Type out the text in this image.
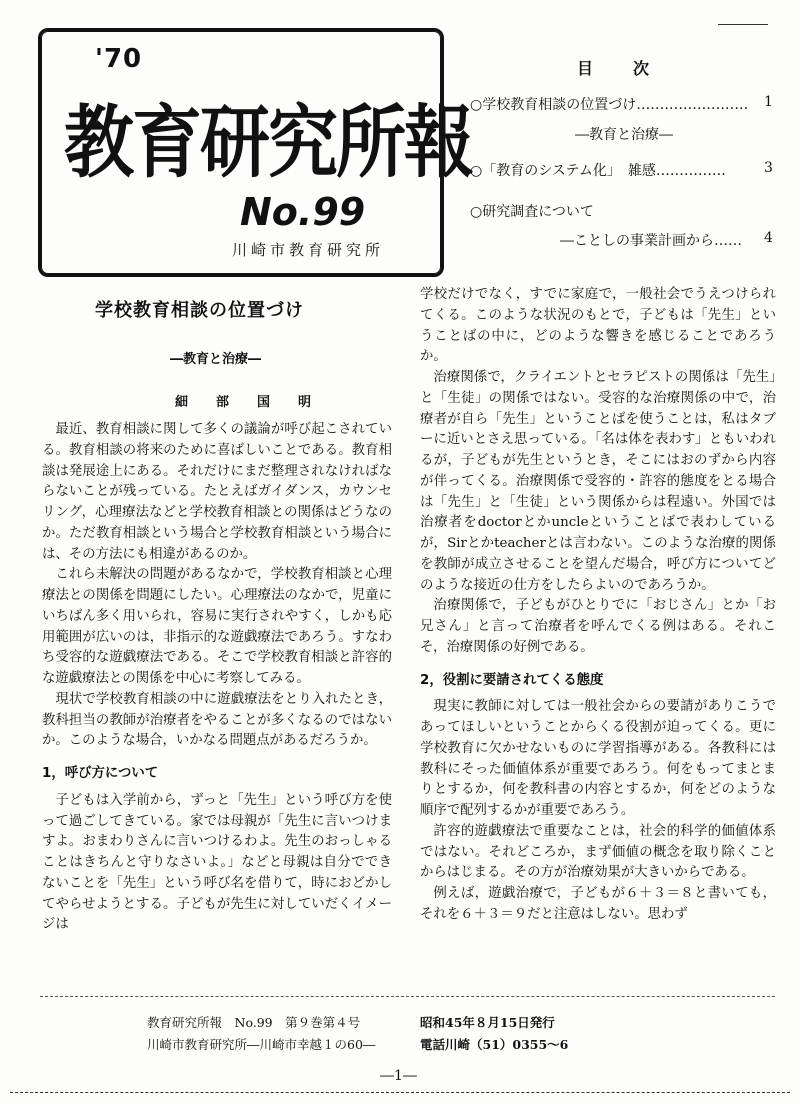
'70
教育研究所報
No.99
川崎市教育研究所
目次
○学校教育相談の位置づけ…………………… 1
―教育と治療―
○「教育のシステム化」　雑感……………	3
○研究調査について
―ことしの事業計画から…… 4
学校教育相談の位置づけ
―教育と治療―
細部国明

最近、教育相談に関して多くの議論が呼び起こされている。教育相談の将来のために喜ばしいことである。教育相談は発展途上にある。それだけにまだ整理されなければならないことが残っている。たとえばガイダンス，カウンセリング，心理療法などと学校教育相談との関係はどうなのか。ただ教育相談という場合と学校教育相談という場合には、その方法にも相違があるのか。

これら未解決の問題があるなかで，学校教育相談と心理療法との関係を問題にしたい。心理療法のなかで，児童にいちばん多く用いられ，容易に実行されやすく，しかも応用範囲が広いのは，非指示的な遊戯療法であろう。すなわち受容的な遊戯療法である。そこで学校教育相談と許容的な遊戯療法との関係を中心に考察してみる。

現状で学校教育相談の中に遊戯療法をとり入れたとき，教科担当の教師が治療者をやることが多くなるのではないか。このような場合，いかなる問題点があるだろうか。

1，呼び方について

子どもは入学前から，ずっと「先生」という呼び方を使って過ごしてきている。家では母親が「先生に言いつけますよ。おまわりさんに言いつけるわよ。先生のおっしゃることはきちんと守りなさいよ。」などと母親は自分でできないことを「先生」という呼び名を借りて，時におどかしてやらせようとする。子どもが先生に対していだくイメージは

学校だけでなく，すでに家庭で，一般社会でうえつけられてくる。このような状況のもとで，子どもは「先生」ということばの中に，どのような響きを感じることであろうか。

治療関係で，クライエントとセラピストの関係は「先生」と「生徒」の関係ではない。受容的な治療関係の中で，治療者が自ら「先生」ということばを使うことは，私はタブーに近いとさえ思っている。「名は体を表わす」ともいわれるが，子どもが先生というとき，そこにはおのずから内容が伴ってくる。治療関係で受容的・許容的態度をとる場合は「先生」と「生徒」という関係からは程遠い。外国では治療者をdoctorとかuncleということばで表わしているが，Sirとかteacherとは言わない。このような治療的関係を教師が成立させることを望んだ場合，呼び方についてどのような接近の仕方をしたらよいのであろうか。

治療関係で，子どもがひとりでに「おじさん」とか「お兄さん」と言って治療者を呼んでくる例はある。それこそ，治療関係の好例である。

2，役割に要請されてくる態度

現実に教師に対しては一般社会からの要請がありこうであってほしいということからくる役割が迫ってくる。更に学校教育に欠かせないものに学習指導がある。各教科には教科にそった価値体系が重要であろう。何をもってまとまりとするか，何を教科書の内容とするか，何をどのような順序で配列するかが重要であろう。

許容的遊戯療法で重要なことは，社会的科学的価値体系ではない。それどころか，まず価値の概念を取り除くことからはじまる。その方が治療効果が大きいからである。

例えば，遊戯治療で，子どもが６＋３＝８と書いても，それを６＋３＝９だと注意はしない。思わず

教育研究所報　No.99　第９巻第４号	昭和45年８月15日発行
川崎市教育研究所―川崎市幸越１の60―	電話川崎（51）0355～6
―1―
